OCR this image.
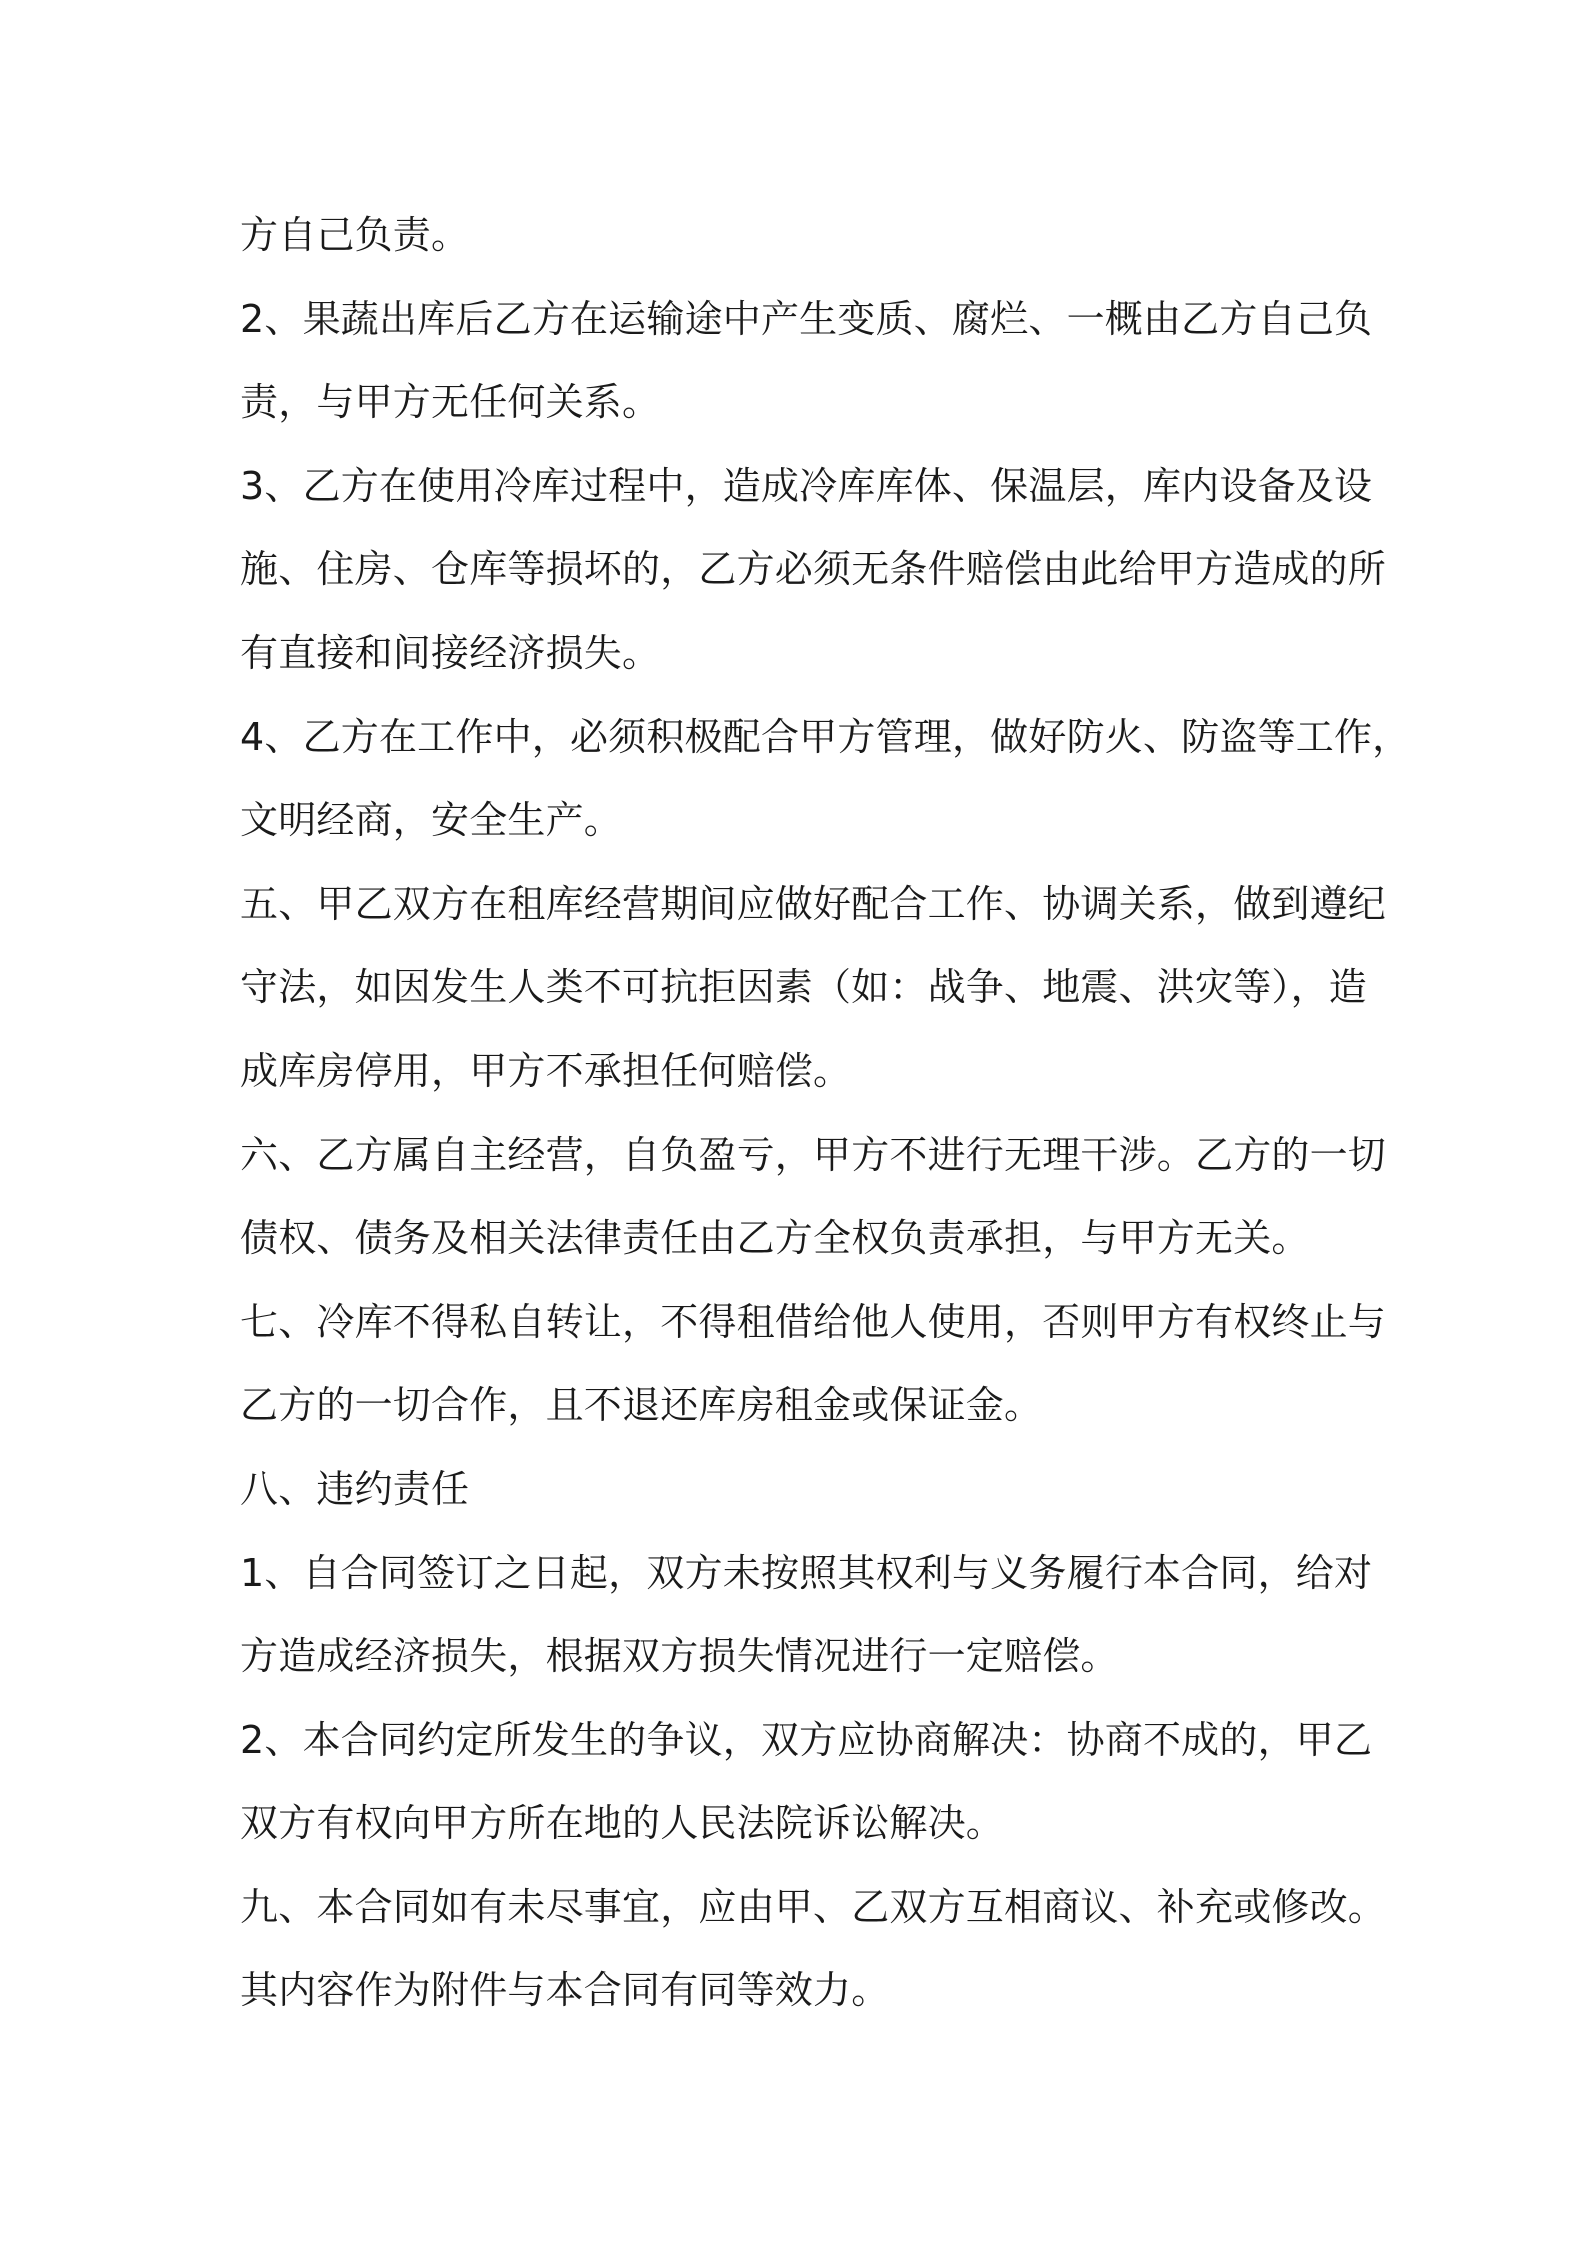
方自己负责。
2、果蔬出库后乙方在运输途中产生变质、腐烂、一概由乙方自己负
责，与甲方无任何关系。
3、乙方在使用冷库过程中，造成冷库库体、保温层，库内设备及设
施、住房、仓库等损坏的，乙方必须无条件赔偿由此给甲方造成的所
有直接和间接经济损失。
4、乙方在工作中，必须积极配合甲方管理，做好防火、防盗等工作，
文明经商，安全生产。
五、甲乙双方在租库经营期间应做好配合工作、协调关系，做到遵纪
守法，如因发生人类不可抗拒因素（如：战争、地震、洪灾等），造
成库房停用，甲方不承担任何赔偿。
六、乙方属自主经营，自负盈亏，甲方不进行无理干涉。乙方的一切
债权、债务及相关法律责任由乙方全权负责承担，与甲方无关。
七、冷库不得私自转让，不得租借给他人使用，否则甲方有权终止与
乙方的一切合作，且不退还库房租金或保证金。
八、违约责任
1、自合同签订之日起，双方未按照其权利与义务履行本合同，给对
方造成经济损失，根据双方损失情况进行一定赔偿。
2、本合同约定所发生的争议，双方应协商解决：协商不成的，甲乙
双方有权向甲方所在地的人民法院诉讼解决。
九、本合同如有未尽事宜，应由甲、乙双方互相商议、补充或修改。
其内容作为附件与本合同有同等效力。
